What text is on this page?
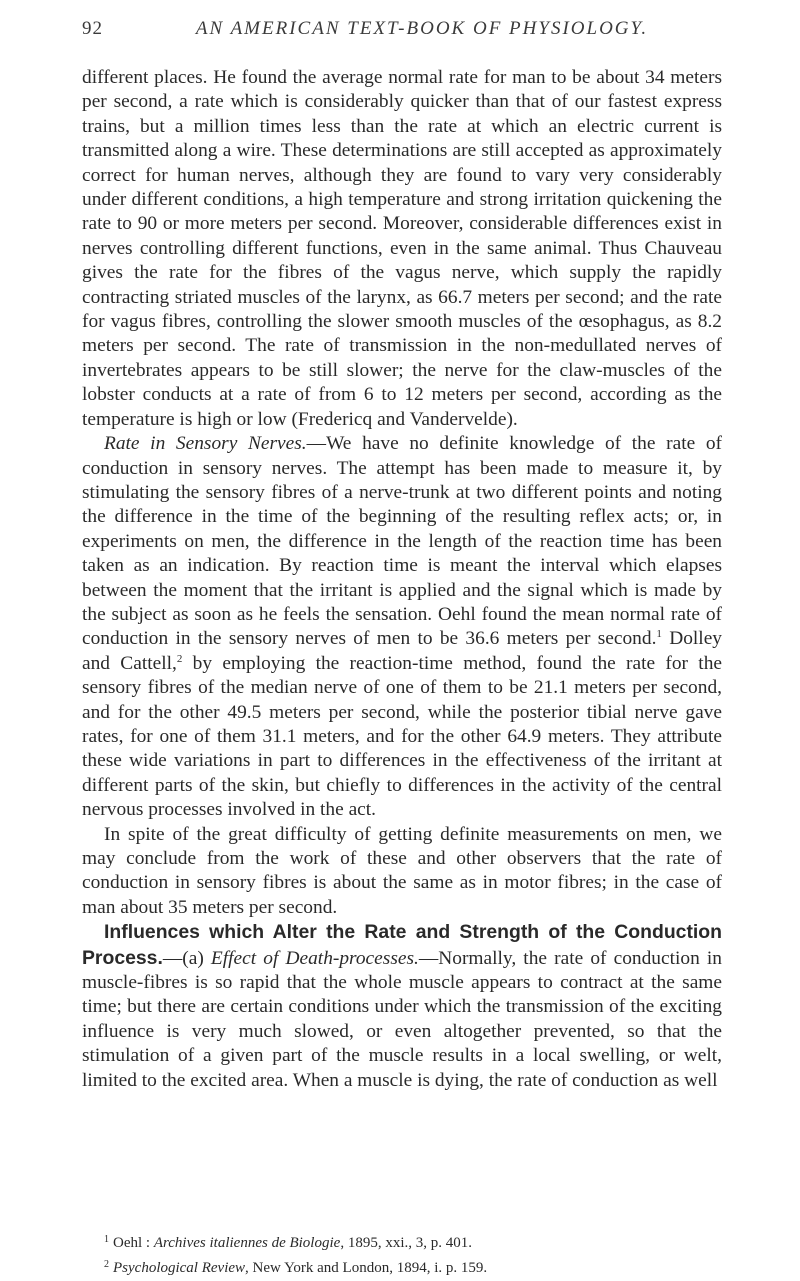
92	AN AMERICAN TEXT-BOOK OF PHYSIOLOGY.

different places. He found the average normal rate for man to be about 34 meters per second, a rate which is considerably quicker than that of our fastest express trains, but a million times less than the rate at which an electric current is transmitted along a wire. These determinations are still accepted as approximately correct for human nerves, although they are found to vary very considerably under different conditions, a high temperature and strong irritation quickening the rate to 90 or more meters per second. Moreover, considerable differences exist in nerves controlling different functions, even in the same animal. Thus Chauveau gives the rate for the fibres of the vagus nerve, which supply the rapidly contracting striated muscles of the larynx, as 66.7 meters per second; and the rate for vagus fibres, controlling the slower smooth muscles of the œsophagus, as 8.2 meters per second. The rate of transmission in the non-medullated nerves of invertebrates appears to be still slower; the nerve for the claw-muscles of the lobster conducts at a rate of from 6 to 12 meters per second, according as the temperature is high or low (Fredericq and Vandervelde).

Rate in Sensory Nerves.—We have no definite knowledge of the rate of conduction in sensory nerves. The attempt has been made to measure it, by stimulating the sensory fibres of a nerve-trunk at two different points and noting the difference in the time of the beginning of the resulting reflex acts; or, in experiments on men, the difference in the length of the reaction time has been taken as an indication. By reaction time is meant the interval which elapses between the moment that the irritant is applied and the signal which is made by the subject as soon as he feels the sensation. Oehl found the mean normal rate of conduction in the sensory nerves of men to be 36.6 meters per second.$^1$ Dolley and Cattell,$^2$ by employing the reaction-time method, found the rate for the sensory fibres of the median nerve of one of them to be 21.1 meters per second, and for the other 49.5 meters per second, while the posterior tibial nerve gave rates, for one of them 31.1 meters, and for the other 64.9 meters. They attribute these wide variations in part to differences in the effectiveness of the irritant at different parts of the skin, but chiefly to differences in the activity of the central nervous processes involved in the act.

In spite of the great difficulty of getting definite measurements on men, we may conclude from the work of these and other observers that the rate of conduction in sensory fibres is about the same as in motor fibres; in the case of man about 35 meters per second.

Influences which Alter the Rate and Strength of the Conduction Process.—(a) Effect of Death-processes.—Normally, the rate of conduction in muscle-fibres is so rapid that the whole muscle appears to contract at the same time; but there are certain conditions under which the transmission of the exciting influence is very much slowed, or even altogether prevented, so that the stimulation of a given part of the muscle results in a local swelling, or welt, limited to the excited area. When a muscle is dying, the rate of conduction as well

$^1$ Oehl : Archives italiennes de Biologie, 1895, xxi., 3, p. 401.

$^2$ Psychological Review, New York and London, 1894, i. p. 159.
